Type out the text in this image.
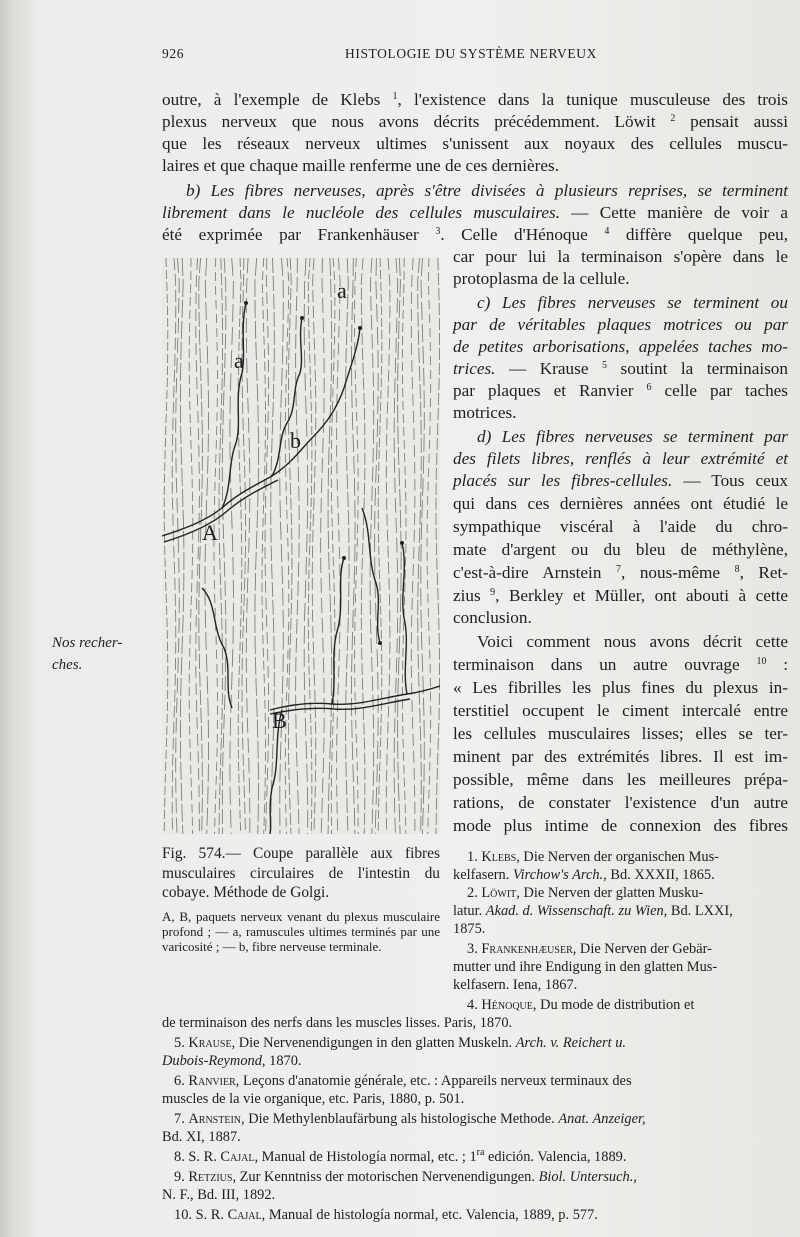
926	HISTOLOGIE DU SYSTÈME NERVEUX
outre, à l'exemple de Klebs $^1$, l'existence dans la tunique musculeuse des trois
plexus nerveux que nous avons décrits précédemment. Löwit $^2$ pensait aussi
que les réseaux nerveux ultimes s'unissent aux noyaux des cellules muscu-
laires et que chaque maille renferme une de ces dernières.
b) Les fibres nerveuses, après s'être divisées à plusieurs reprises, se terminent
librement dans le nucléole des cellules musculaires. — Cette manière de voir a
été exprimée par Frankenhäuser $^3$. Celle d'Hénoque $^4$ diffère quelque peu,
car pour lui la terminaison s'opère dans le
protoplasma de la cellule.
c) Les fibres nerveuses se terminent ou
par de véritables plaques motrices ou par
de petites arborisations, appelées taches mo-
trices. — Krause $^5$ soutint la terminaison
par plaques et Ranvier $^6$ celle par taches
motrices.
d) Les fibres nerveuses se terminent par
des filets libres, renflés à leur extrémité et
placés sur les fibres-cellules. — Tous ceux
qui dans ces dernières années ont étudié le
sympathique viscéral à l'aide du chro-
mate d'argent ou du bleu de méthylène,
c'est-à-dire Arnstein $^7$, nous-même $^8$, Ret-
zius $^9$, Berkley et Müller, ont abouti à cette
conclusion.
Voici comment nous avons décrit cette
terminaison dans un autre ouvrage $^{10}$ :
« Les fibrilles les plus fines du plexus in-
terstitiel occupent le ciment intercalé entre
les cellules musculaires lisses; elles se ter-
minent par des extrémités libres. Il est im-
possible, même dans les meilleures prépa-
rations, de constater l'existence d'un autre
mode plus intime de connexion des fibres
Nos recher-
ches.
a
a
b
A
B
Fig. 574.— Coupe parallèle aux fibres musculaires circulaires de l'intestin du cobaye. Méthode de Golgi.
A, B, paquets nerveux venant du plexus musculaire profond ; — a, ramuscules ultimes terminés par une varicosité ; — b, fibre nerveuse terminale.
1. Klebs, Die Nerven der organischen Mus-
kelfasern. Virchow's Arch., Bd. XXXII, 1865.
2. Löwit, Die Nerven der glatten Musku-
latur. Akad. d. Wissenschaft. zu Wien, Bd. LXXI,
1875.
3. Frankenhæuser, Die Nerven der Gebär-
mutter und ihre Endigung in den glatten Mus-
kelfasern. Iena, 1867.
4. Hénoque, Du mode de distribution et
de terminaison des nerfs dans les muscles lisses. Paris, 1870.
5. Krause, Die Nervenendigungen in den glatten Muskeln. Arch. v. Reichert u.
Dubois-Reymond, 1870.
6. Ranvier, Leçons d'anatomie générale, etc. : Appareils nerveux terminaux des
muscles de la vie organique, etc. Paris, 1880, p. 501.
7. Arnstein, Die Methylenblaufärbung als histologische Methode. Anat. Anzeiger,
Bd. XI, 1887.
8. S. R. Cajal, Manual de Histología normal, etc. ; $1^{ra}$ edición. Valencia, 1889.
9. Retzius, Zur Kenntniss der motorischen Nervenendigungen. Biol. Untersuch.,
N. F., Bd. III, 1892.
10. S. R. Cajal, Manual de histología normal, etc. Valencia, 1889, p. 577.
